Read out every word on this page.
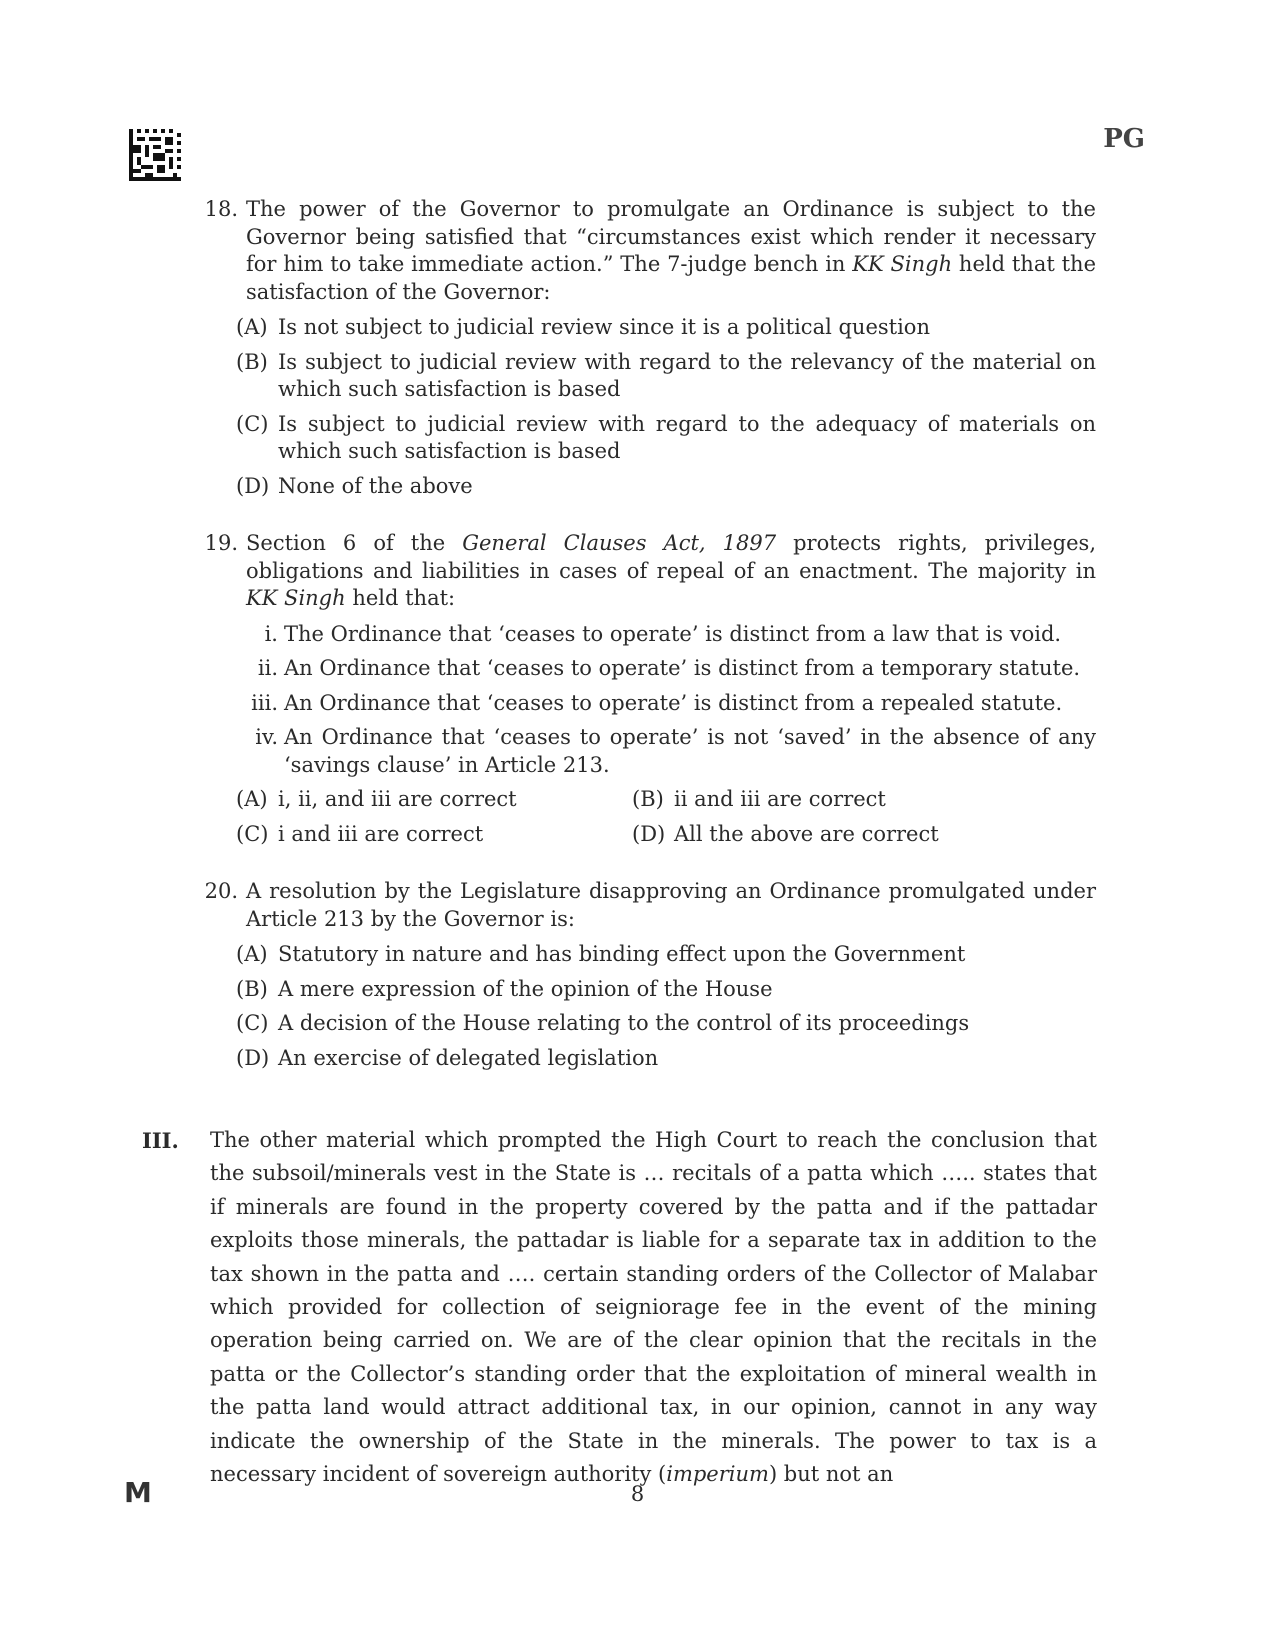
PG
18. The power of the Governor to promulgate an Ordinance is subject to the Governor being satisfied that “circumstances exist which render it necessary for him to take immediate action.” The 7-judge bench in KK Singh held that the satisfaction of the Governor:
(A) Is not subject to judicial review since it is a political question
(B) Is subject to judicial review with regard to the relevancy of the material on which such satisfaction is based
(C) Is subject to judicial review with regard to the adequacy of materials on which such satisfaction is based
(D) None of the above
19. Section 6 of the General Clauses Act, 1897 protects rights, privileges, obligations and liabilities in cases of repeal of an enactment. The majority in KK Singh held that:
i. The Ordinance that ‘ceases to operate’ is distinct from a law that is void.
ii. An Ordinance that ‘ceases to operate’ is distinct from a temporary statute.
iii. An Ordinance that ‘ceases to operate’ is distinct from a repealed statute.
iv. An Ordinance that ‘ceases to operate’ is not ‘saved’ in the absence of any ‘savings clause’ in Article 213.
(A) i, ii, and iii are correct	(B) ii and iii are correct
(C) i and iii are correct	(D) All the above are correct
20. A resolution by the Legislature disapproving an Ordinance promulgated under Article 213 by the Governor is:
(A) Statutory in nature and has binding effect upon the Government
(B) A mere expression of the opinion of the House
(C) A decision of the House relating to the control of its proceedings
(D) An exercise of delegated legislation
III.	The other material which prompted the High Court to reach the conclusion that the subsoil/minerals vest in the State is … recitals of a patta which ….. states that if minerals are found in the property covered by the patta and if the pattadar exploits those minerals, the pattadar is liable for a separate tax in addition to the tax shown in the patta and …. certain standing orders of the Collector of Malabar which provided for collection of seigniorage fee in the event of the mining operation being carried on. We are of the clear opinion that the recitals in the patta or the Collector’s standing order that the exploitation of mineral wealth in the patta land would attract additional tax, in our opinion, cannot in any way indicate the ownership of the State in the minerals. The power to tax is a necessary incident of sovereign authority (imperium) but not an
M	8
